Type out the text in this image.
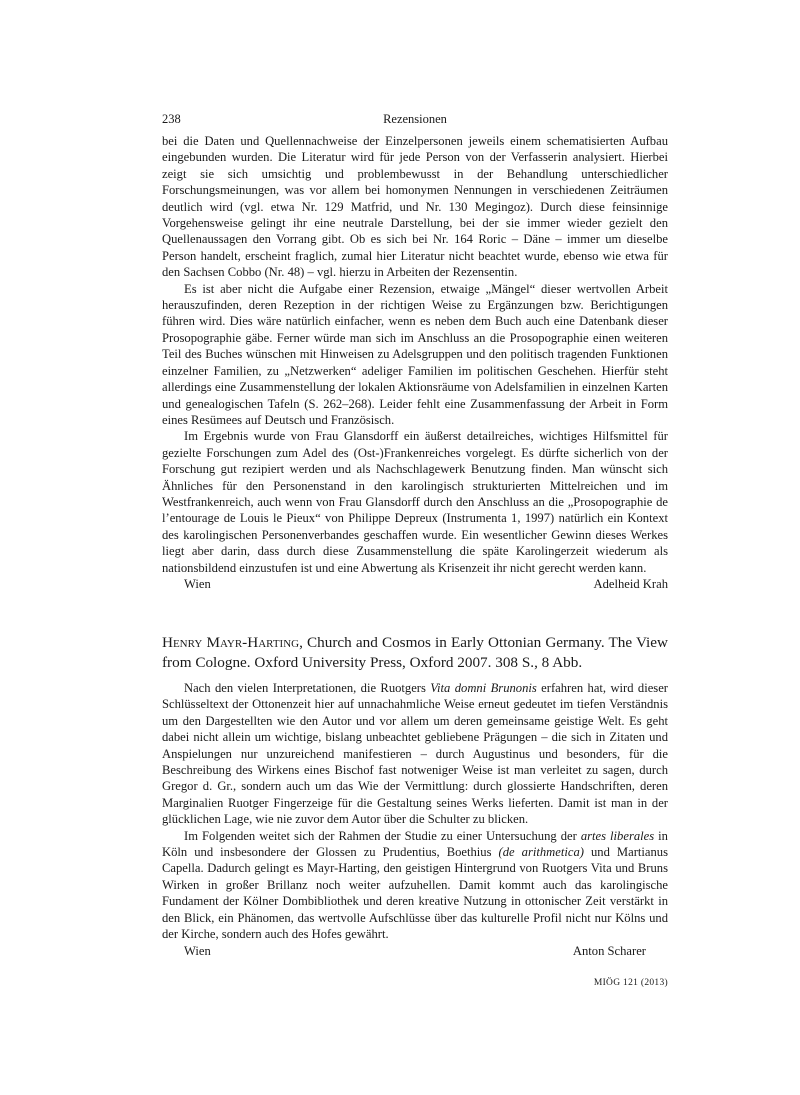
238	Rezensionen

bei die Daten und Quellennachweise der Einzelpersonen jeweils einem schematisierten Aufbau eingebunden wurden. Die Literatur wird für jede Person von der Verfasserin analysiert. Hierbei zeigt sie sich umsichtig und problembewusst in der Behandlung unterschiedlicher Forschungsmeinungen, was vor allem bei homonymen Nennungen in verschiedenen Zeiträumen deutlich wird (vgl. etwa Nr. 129 Matfrid, und Nr. 130 Megingoz). Durch diese feinsinnige Vorgehensweise gelingt ihr eine neutrale Darstellung, bei der sie immer wieder gezielt den Quellenaussagen den Vorrang gibt. Ob es sich bei Nr. 164 Roric – Däne – immer um dieselbe Person handelt, erscheint fraglich, zumal hier Literatur nicht beachtet wurde, ebenso wie etwa für den Sachsen Cobbo (Nr. 48) – vgl. hierzu in Arbeiten der Rezensentin.

Es ist aber nicht die Aufgabe einer Rezension, etwaige „Mängel“ dieser wertvollen Arbeit herauszufinden, deren Rezeption in der richtigen Weise zu Ergänzungen bzw. Berichtigungen führen wird. Dies wäre natürlich einfacher, wenn es neben dem Buch auch eine Datenbank dieser Prosopographie gäbe. Ferner würde man sich im Anschluss an die Prosopographie einen weiteren Teil des Buches wünschen mit Hinweisen zu Adelsgruppen und den politisch tragenden Funktionen einzelner Familien, zu „Netzwerken“ adeliger Familien im politischen Geschehen. Hierfür steht allerdings eine Zusammenstellung der lokalen Aktionsräume von Adelsfamilien in einzelnen Karten und genealogischen Tafeln (S. 262–268). Leider fehlt eine Zusammenfassung der Arbeit in Form eines Resümees auf Deutsch und Französisch.

Im Ergebnis wurde von Frau Glansdorff ein äußerst detailreiches, wichtiges Hilfsmittel für gezielte Forschungen zum Adel des (Ost-)Frankenreiches vorgelegt. Es dürfte sicherlich von der Forschung gut rezipiert werden und als Nachschlagewerk Benutzung finden. Man wünscht sich Ähnliches für den Personenstand in den karolingisch strukturierten Mittelreichen und im Westfrankenreich, auch wenn von Frau Glansdorff durch den Anschluss an die „Prosopographie de l’entourage de Louis le Pieux“ von Philippe Depreux (Instrumenta 1, 1997) natürlich ein Kontext des karolingischen Personenverbandes geschaffen wurde. Ein wesentlicher Gewinn dieses Werkes liegt aber darin, dass durch diese Zusammenstellung die späte Karolingerzeit wiederum als nationsbildend einzustufen ist und eine Abwertung als Krisenzeit ihr nicht gerecht werden kann.

Wien	Adelheid Krah
Henry Mayr-Harting, Church and Cosmos in Early Ottonian Germany. The View from Cologne. Oxford University Press, Oxford 2007. 308 S., 8 Abb.

Nach den vielen Interpretationen, die Ruotgers Vita domni Brunonis erfahren hat, wird dieser Schlüsseltext der Ottonenzeit hier auf unnachahmliche Weise erneut gedeutet im tiefen Verständnis um den Dargestellten wie den Autor und vor allem um deren gemeinsame geistige Welt. Es geht dabei nicht allein um wichtige, bislang unbeachtet gebliebene Prägungen – die sich in Zitaten und Anspielungen nur unzureichend manifestieren – durch Augustinus und besonders, für die Beschreibung des Wirkens eines Bischof fast notweniger Weise ist man verleitet zu sagen, durch Gregor d. Gr., sondern auch um das Wie der Vermittlung: durch glossierte Handschriften, deren Marginalien Ruotger Fingerzeige für die Gestaltung seines Werks lieferten. Damit ist man in der glücklichen Lage, wie nie zuvor dem Autor über die Schulter zu blicken.

Im Folgenden weitet sich der Rahmen der Studie zu einer Untersuchung der artes liberales in Köln und insbesondere der Glossen zu Prudentius, Boethius (de arithmetica) und Martianus Capella. Dadurch gelingt es Mayr-Harting, den geistigen Hintergrund von Ruotgers Vita und Bruns Wirken in großer Brillanz noch weiter aufzuhellen. Damit kommt auch das karolingische Fundament der Kölner Dombibliothek und deren kreative Nutzung in ottonischer Zeit verstärkt in den Blick, ein Phänomen, das wertvolle Aufschlüsse über das kulturelle Profil nicht nur Kölns und der Kirche, sondern auch des Hofes gewährt.

Wien	Anton Scharer
MIÖG 121 (2013)
